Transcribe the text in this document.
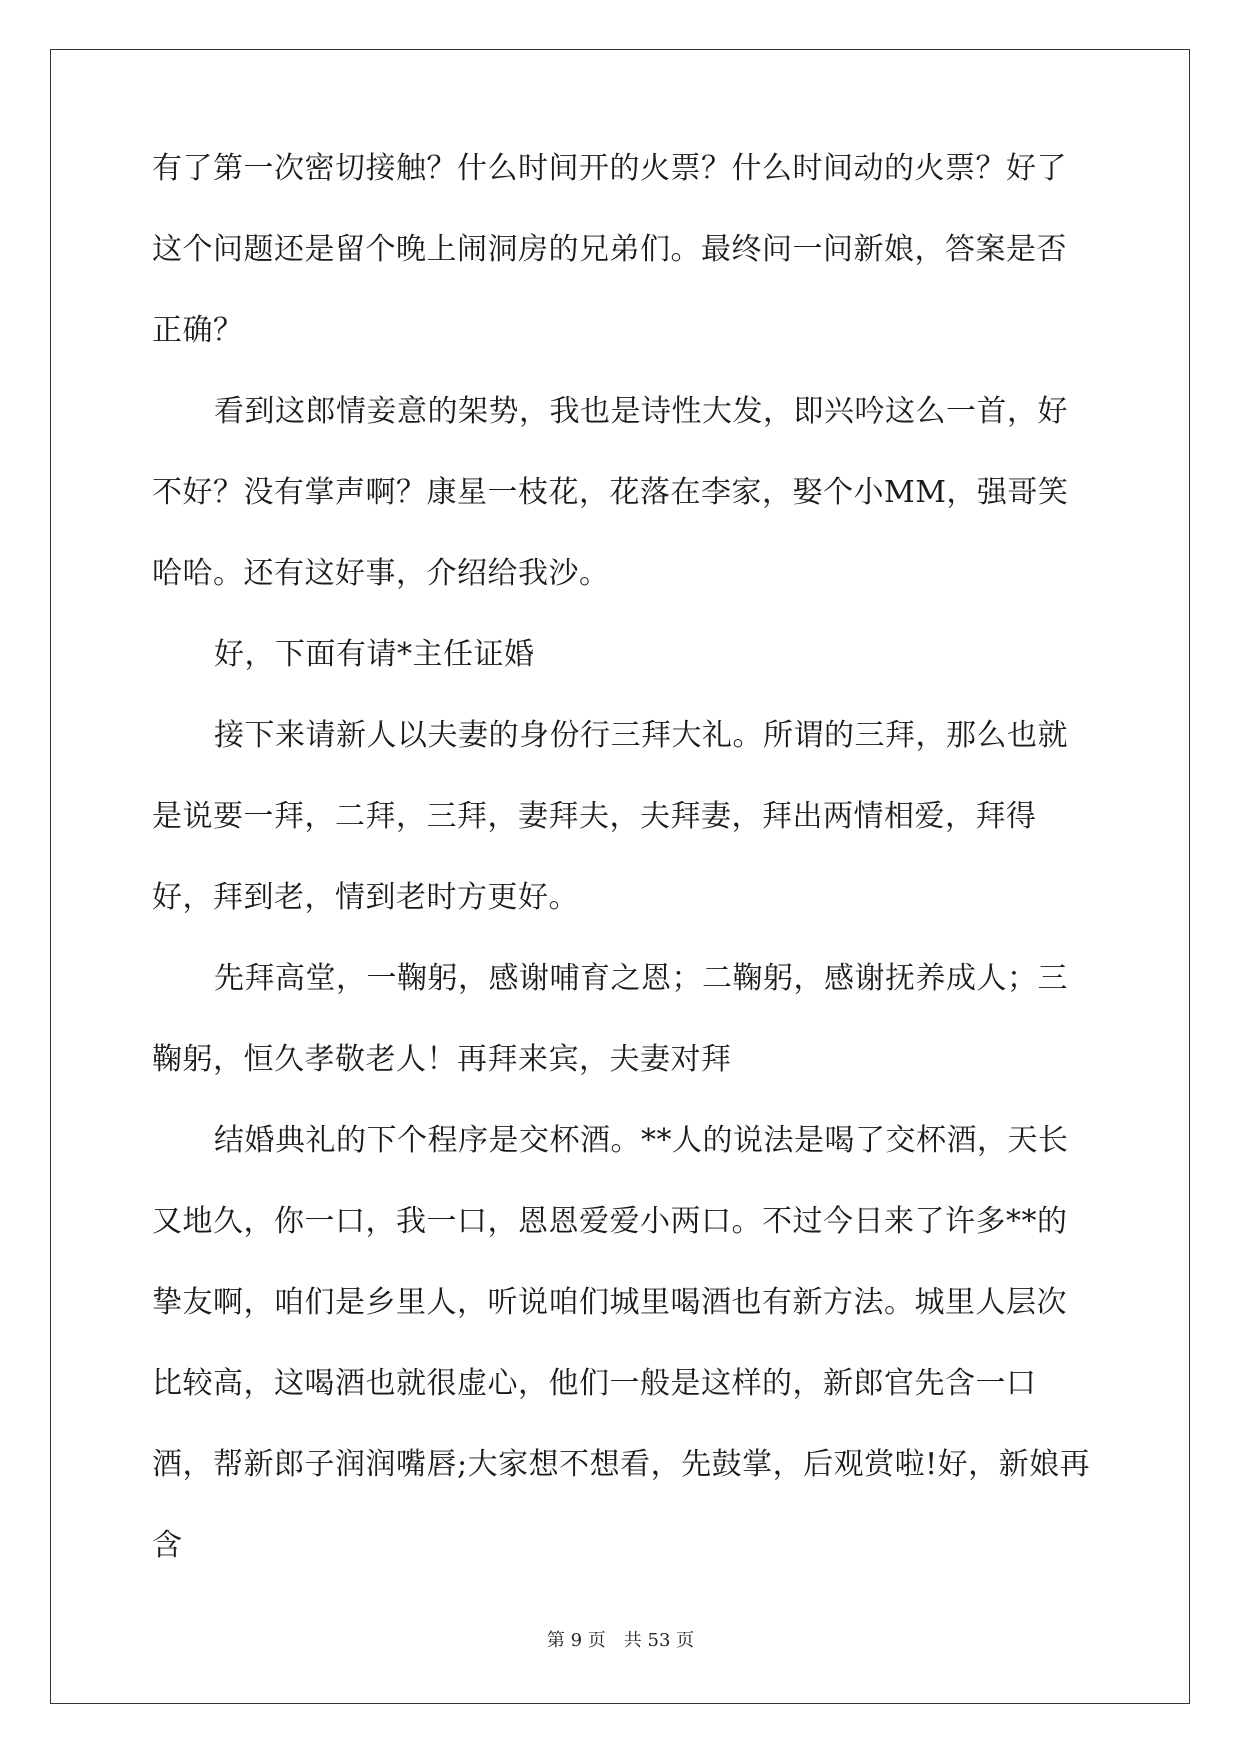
有了第一次密切接触？什么时间开的火票？什么时间动的火票？好了这个问题还是留个晚上闹洞房的兄弟们。最终问一问新娘，答案是否正确？

看到这郎情妾意的架势，我也是诗性大发，即兴吟这么一首，好不好？没有掌声啊？康星一枝花，花落在李家，娶个小MM，强哥笑哈哈。还有这好事，介绍给我沙。

好，下面有请*主任证婚

接下来请新人以夫妻的身份行三拜大礼。所谓的三拜，那么也就是说要一拜，二拜，三拜，妻拜夫，夫拜妻，拜出两情相爱，拜得好，拜到老，情到老时方更好。

先拜高堂，一鞠躬，感谢哺育之恩；二鞠躬，感谢抚养成人；三鞠躬，恒久孝敬老人！再拜来宾，夫妻对拜

结婚典礼的下个程序是交杯酒。**人的说法是喝了交杯酒，天长又地久，你一口，我一口，恩恩爱爱小两口。不过今日来了许多**的挚友啊，咱们是乡里人，听说咱们城里喝酒也有新方法。城里人层次比较高，这喝酒也就很虚心，他们一般是这样的，新郎官先含一口酒，帮新郎子润润嘴唇;大家想不想看，先鼓掌，后观赏啦!好，新娘再含

第 9 页　共 53 页
